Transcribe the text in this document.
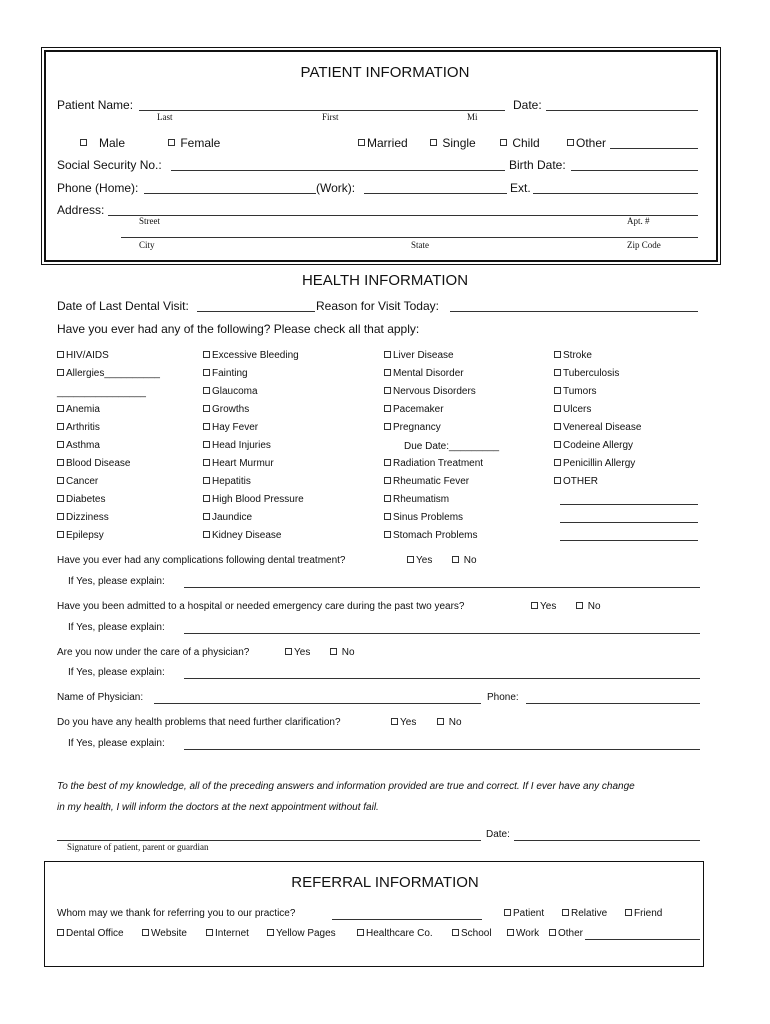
PATIENT INFORMATION
Patient Name:	Date:
Last	First	Mi
Male	Female	Married	Single	Child	Other
Social Security No.:	Birth Date:
Phone (Home):	(Work):	Ext.
Address:
Street	Apt. #
City	State	Zip Code
HEALTH INFORMATION
Date of Last Dental Visit:	Reason for Visit Today:
Have you ever had any of the following? Please check all that apply:
HIV/AIDS
Allergies__________
Anemia
Arthritis
Asthma
Blood Disease
Cancer
Diabetes
Dizziness
Epilepsy
Excessive Bleeding
Fainting
Glaucoma
Growths
Hay Fever
Head Injuries
Heart Murmur
Hepatitis
High Blood Pressure
Jaundice
Kidney Disease
Liver Disease
Mental Disorder
Nervous Disorders
Pacemaker
Pregnancy
Radiation Treatment
Rheumatic Fever
Rheumatism
Sinus Problems
Stomach Problems
Stroke
Tuberculosis
Tumors
Ulcers
Venereal Disease
Codeine Allergy
Penicillin Allergy
OTHER
________________
Due Date:_________
Have you ever had any complications following dental treatment?	Yes	No
If Yes, please explain:
Have you been admitted to a hospital or needed emergency care during the past two years?	Yes	No
If Yes, please explain:
Are you now under the care of a physician?	Yes	No
If Yes, please explain:
Name of Physician:	Phone:
Do you have any health problems that need further clarification?	Yes	No
If Yes, please explain:
To the best of my knowledge, all of the preceding answers and information provided are true and correct. If I ever have any change
in my health, I will inform the doctors at the next appointment without fail.
Signature of patient, parent or guardian
Date:
REFERRAL INFORMATION
Whom may we thank for referring you to our practice?	Patient	Relative	Friend
Dental Office	Website	Internet	Yellow Pages	Healthcare Co.	School	Work	Other
